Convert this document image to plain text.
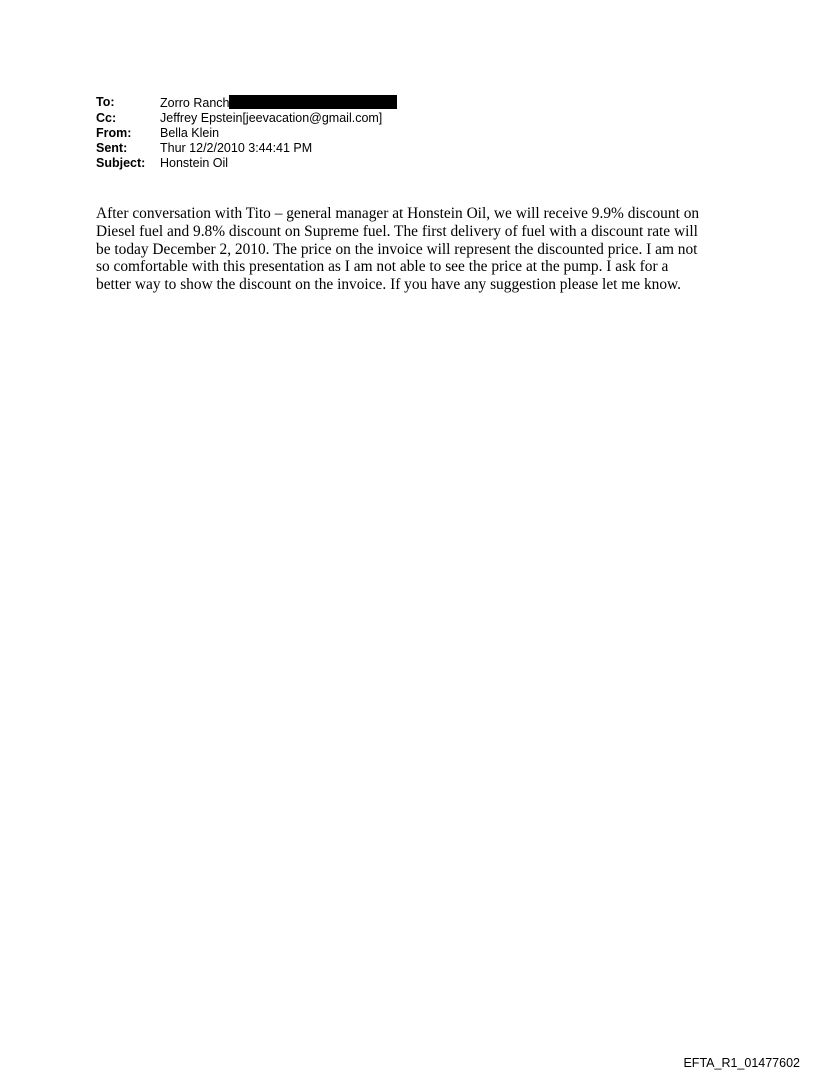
To:	Zorro Ranch
Cc:	Jeffrey Epstein[jeevacation@gmail.com]
From:	Bella Klein
Sent:	Thur 12/2/2010 3:44:41 PM
Subject:	Honstein Oil
After conversation with Tito – general manager at Honstein Oil, we will receive 9.9% discount on
Diesel fuel and 9.8% discount on Supreme fuel. The first delivery of fuel with a discount rate will
be today December 2, 2010. The price on the invoice will represent the discounted price. I am not
so comfortable with this presentation as I am not able to see the price at the pump. I ask for a
better way to show the discount on the invoice. If you have any suggestion please let me know.
EFTA_R1_01477602
